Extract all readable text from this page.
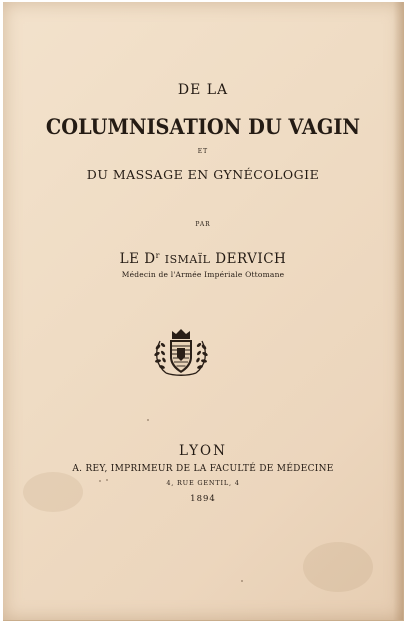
DE LA
COLUMNISATION DU VAGIN
ET
DU MASSAGE EN GYNÉCOLOGIE
PAR
LE $D^r$ ISMAÏL DERVICH
Médecin de l'Armée Impériale Ottomane
LYON
A. REY, IMPRIMEUR DE LA FACULTÉ DE MÉDECINE
4, RUE GENTIL, 4
1894
